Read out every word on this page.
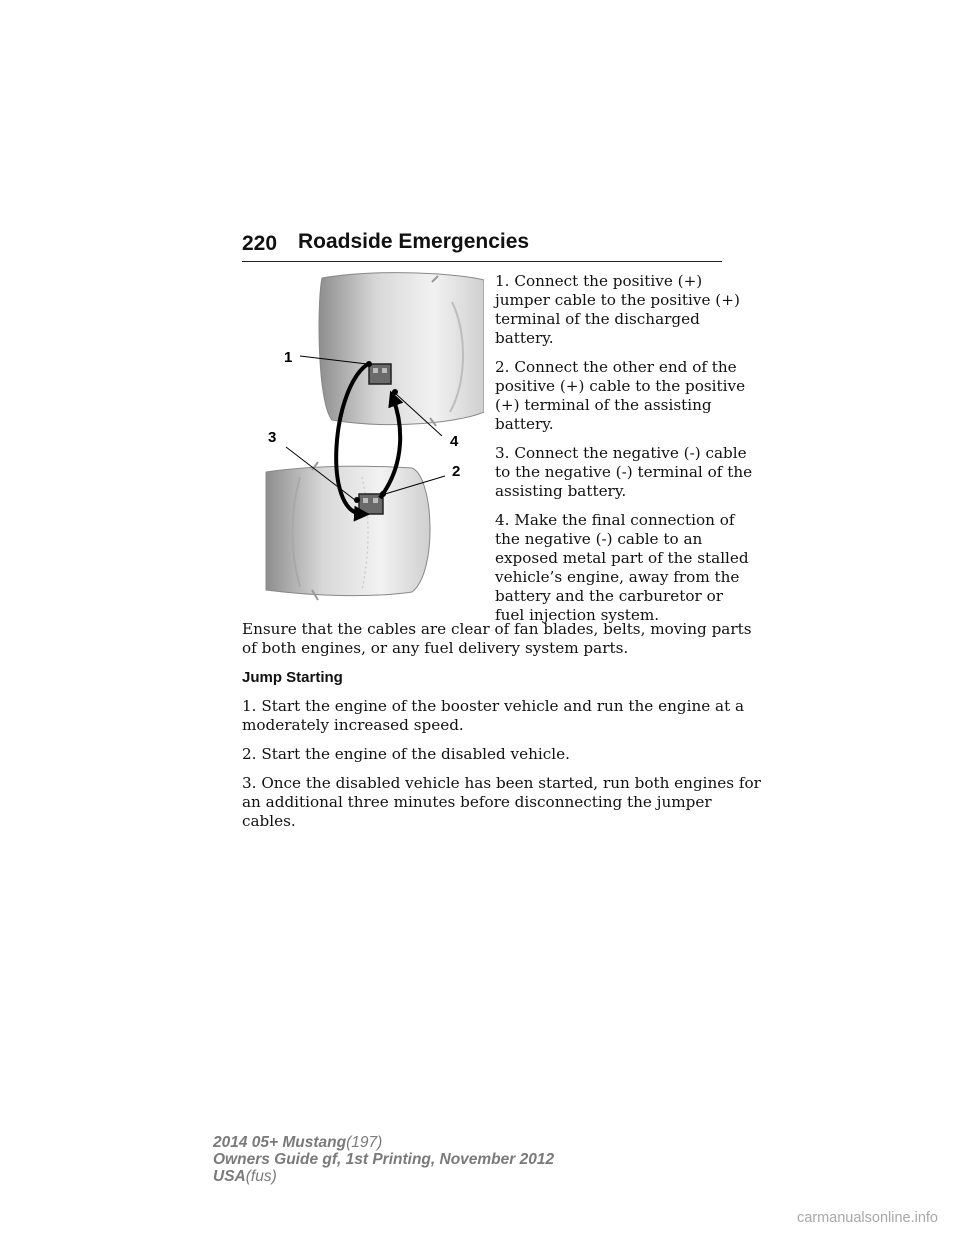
220 Roadside Emergencies
1
3	4
2

1. Connect the positive (+) jumper cable to the positive (+) terminal of the discharged battery.

2. Connect the other end of the positive (+) cable to the positive (+) terminal of the assisting battery.

3. Connect the negative (-) cable to the negative (-) terminal of the assisting battery.

4. Make the final connection of the negative (-) cable to an exposed metal part of the stalled vehicle’s engine, away from the battery and the carburetor or fuel injection system.

Ensure that the cables are clear of fan blades, belts, moving parts of both engines, or any fuel delivery system parts.

Jump Starting

1. Start the engine of the booster vehicle and run the engine at a moderately increased speed.

2. Start the engine of the disabled vehicle.

3. Once the disabled vehicle has been started, run both engines for an additional three minutes before disconnecting the jumper cables.

2014 05+ Mustang(197)
Owners Guide gf, 1st Printing, November 2012
USA(fus)
carmanualsonline.info
